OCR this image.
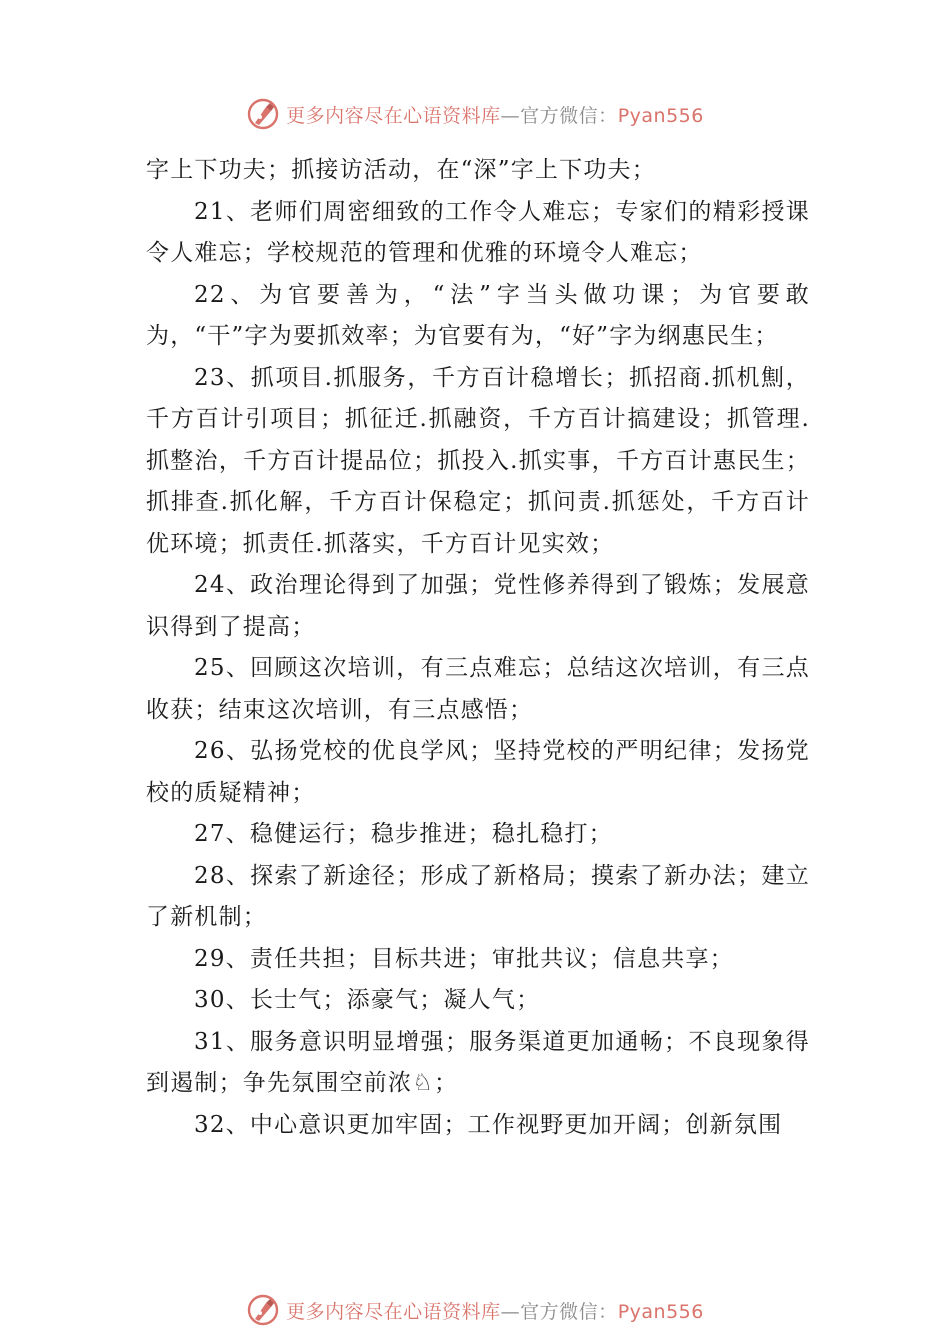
更多内容尽在心语资料库—官方微信：Pyan556

字上下功夫；抓接访活动，在“深”字上下功夫；

21、老师们周密细致的工作令人难忘；专家们的精彩授课令人难忘；学校规范的管理和优雅的环境令人难忘；

22、为官要善为，“法”字当头做功课；为官要敢为，“干”字为要抓效率；为官要有为，“好”字为纲惠民生；

23、抓项目.抓服务，千方百计稳增长；抓招商.抓机劁，千方百计引项目；抓征迁.抓融资，千方百计搞建设；抓管理.抓整治，千方百计提品位；抓投入.抓实事，千方百计惠民生；抓排查.抓化解，千方百计保稳定；抓问责.抓惩处，千方百计优环境；抓责任.抓落实，千方百计见实效；

24、政治理论得到了加强；党性修养得到了锻炼；发展意识得到了提高；

25、回顾这次培训，有三点难忘；总结这次培训，有三点收获；结束这次培训，有三点感悟；

26、弘扬党校的优良学风；坚持党校的严明纪律；发扬党校的质疑精神；

27、稳健运行；稳步推进；稳扎稳打；

28、探索了新途径；形成了新格局；摸索了新办法；建立了新机制；

29、责任共担；目标共进；审批共议；信息共享；

30、长士气；添豪气；凝人气；

31、服务意识明显增强；服务渠道更加通畅；不良现象得到遏制；争先氛围空前浓♘；

32、中心意识更加牢固；工作视野更加开阔；创新氛围

更多内容尽在心语资料库—官方微信：Pyan556
